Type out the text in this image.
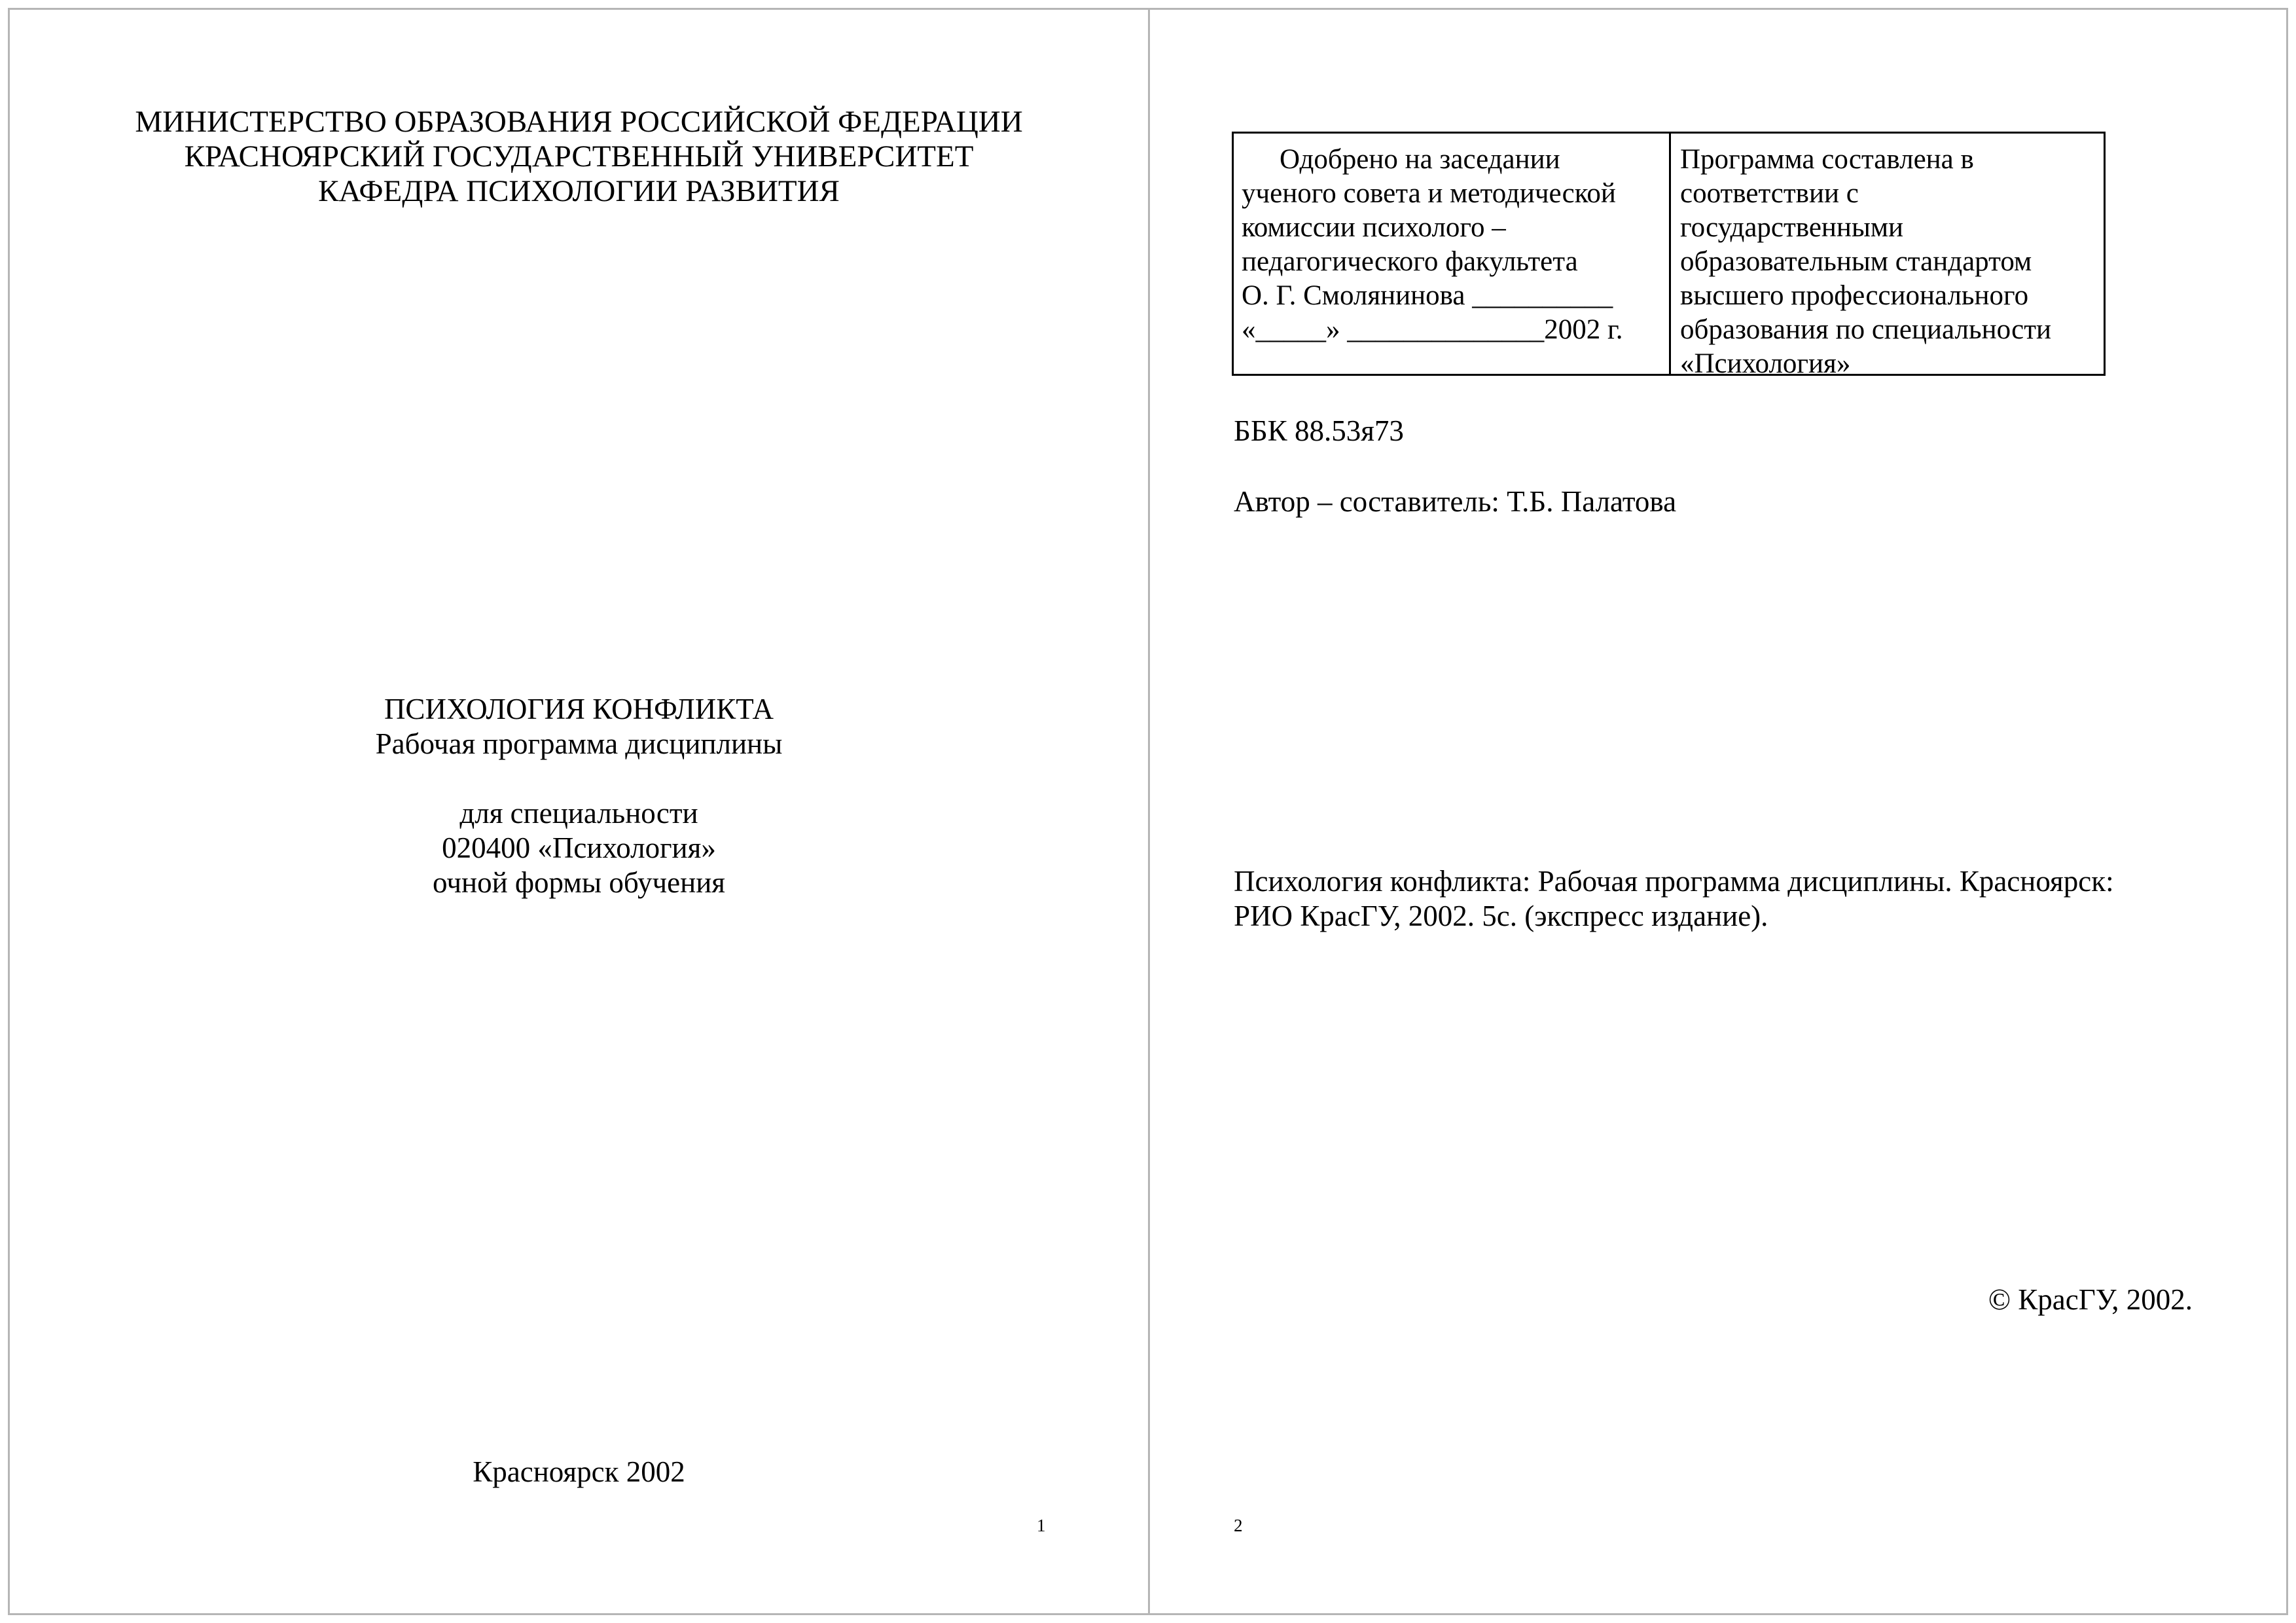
МИНИСТЕРСТВО ОБРАЗОВАНИЯ РОССИЙСКОЙ ФЕДЕРАЦИИ
КРАСНОЯРСКИЙ ГОСУДАРСТВЕННЫЙ УНИВЕРСИТЕТ
КАФЕДРА ПСИХОЛОГИИ РАЗВИТИЯ
ПСИХОЛОГИЯ КОНФЛИКТА
Рабочая программа дисциплины
для специальности
020400 «Психология»
очной формы обучения
Красноярск 2002
1
Одобрено на заседании
ученого совета и методической
комиссии психолого –
педагогического факультета
О. Г. Смолянинова __________
«_____» ______________2002 г.
Программа составлена в
соответствии с
государственными
образовательным стандартом
высшего профессионального
образования по специальности
«Психология»
ББК 88.53я73
Автор – составитель: Т.Б. Палатова
Психология конфликта: Рабочая программа дисциплины. Красноярск:
РИО КрасГУ, 2002. 5с. (экспресс издание).
© КрасГУ, 2002.
2
